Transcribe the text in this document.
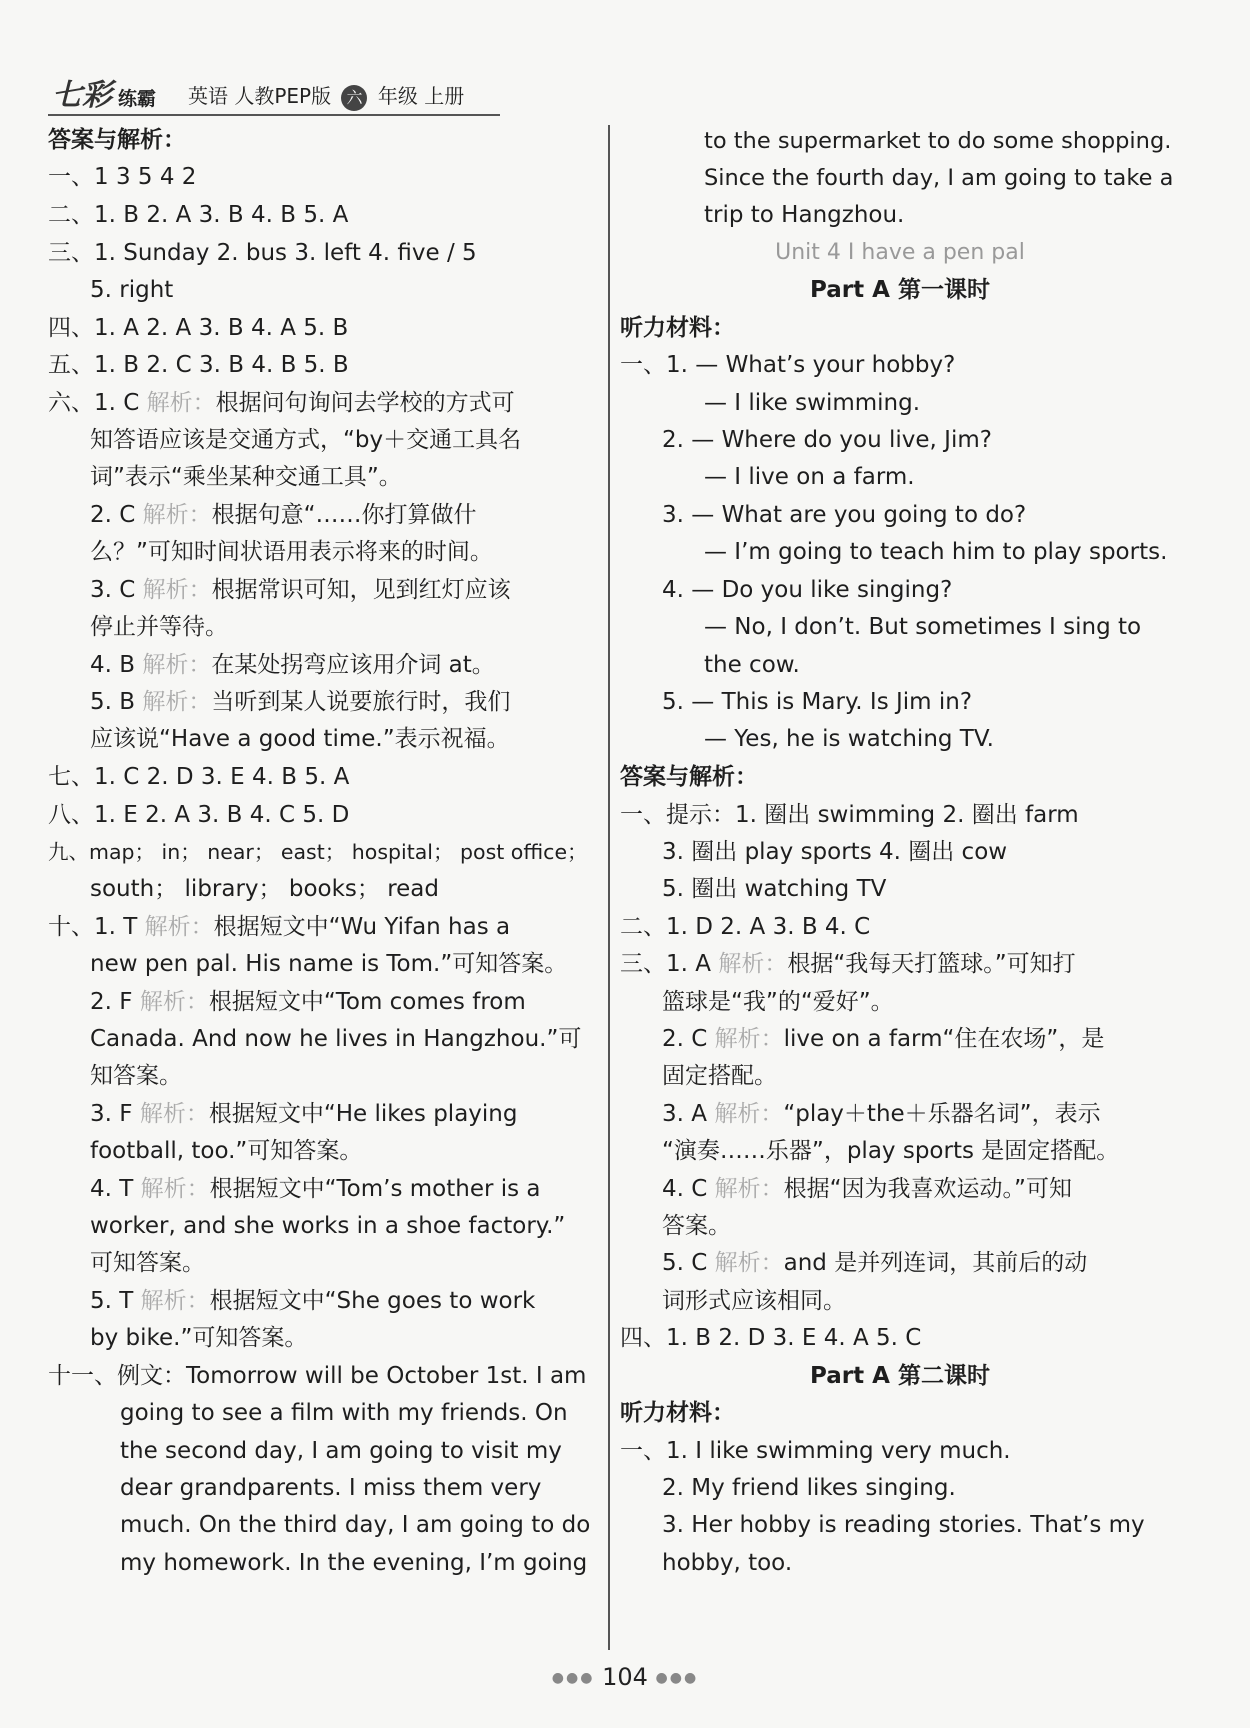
七彩 练霸 英语 人教PEP版 六 年级 上册
答案与解析：
一、1 3 5 4 2
二、1. B 2. A 3. B 4. B 5. A
三、1. Sunday 2. bus 3. left 4. five / 5
5. right
四、1. A 2. A 3. B 4. A 5. B
五、1. B 2. C 3. B 4. B 5. B
六、1. C 解析：根据问句询问去学校的方式可
知答语应该是交通方式，“by＋交通工具名
词”表示“乘坐某种交通工具”。
2. C 解析：根据句意“……你打算做什
么？”可知时间状语用表示将来的时间。
3. C 解析：根据常识可知，见到红灯应该
停止并等待。
4. B 解析：在某处拐弯应该用介词 at。
5. B 解析：当听到某人说要旅行时，我们
应该说“Have a good time.”表示祝福。
七、1. C 2. D 3. E 4. B 5. A
八、1. E 2. A 3. B 4. C 5. D
九、map； in； near； east； hospital； post office；
south； library； books； read
十、1. T 解析：根据短文中“Wu Yifan has a
new pen pal. His name is Tom.”可知答案。
2. F 解析：根据短文中“Tom comes from
Canada. And now he lives in Hangzhou.”可
知答案。
3. F 解析：根据短文中“He likes playing
football, too.”可知答案。
4. T 解析：根据短文中“Tom’s mother is a
worker, and she works in a shoe factory.”
可知答案。
5. T 解析：根据短文中“She goes to work
by bike.”可知答案。
十一、例文：Tomorrow will be October 1st. I am
going to see a film with my friends. On
the second day, I am going to visit my
dear grandparents. I miss them very
much. On the third day, I am going to do
my homework. In the evening, I’m going
to the supermarket to do some shopping.
Since the fourth day, I am going to take a
trip to Hangzhou.
Unit 4 I have a pen pal
Part A 第一课时
听力材料：
一、1. — What’s your hobby?
— I like swimming.
2. — Where do you live, Jim?
— I live on a farm.
3. — What are you going to do?
— I’m going to teach him to play sports.
4. — Do you like singing?
— No, I don’t. But sometimes I sing to
the cow.
5. — This is Mary. Is Jim in?
— Yes, he is watching TV.
答案与解析：
一、提示：1. 圈出 swimming 2. 圈出 farm
3. 圈出 play sports 4. 圈出 cow
5. 圈出 watching TV
二、1. D 2. A 3. B 4. C
三、1. A 解析：根据“我每天打篮球。”可知打
篮球是“我”的“爱好”。
2. C 解析：live on a farm“住在农场”，是
固定搭配。
3. A 解析：“play＋the＋乐器名词”，表示
“演奏……乐器”，play sports 是固定搭配。
4. C 解析：根据“因为我喜欢运动。”可知
答案。
5. C 解析：and 是并列连词，其前后的动
词形式应该相同。
四、1. B 2. D 3. E 4. A 5. C
Part A 第二课时
听力材料：
一、1. I like swimming very much.
2. My friend likes singing.
3. Her hobby is reading stories. That’s my
hobby, too.
●●● 104 ●●●
